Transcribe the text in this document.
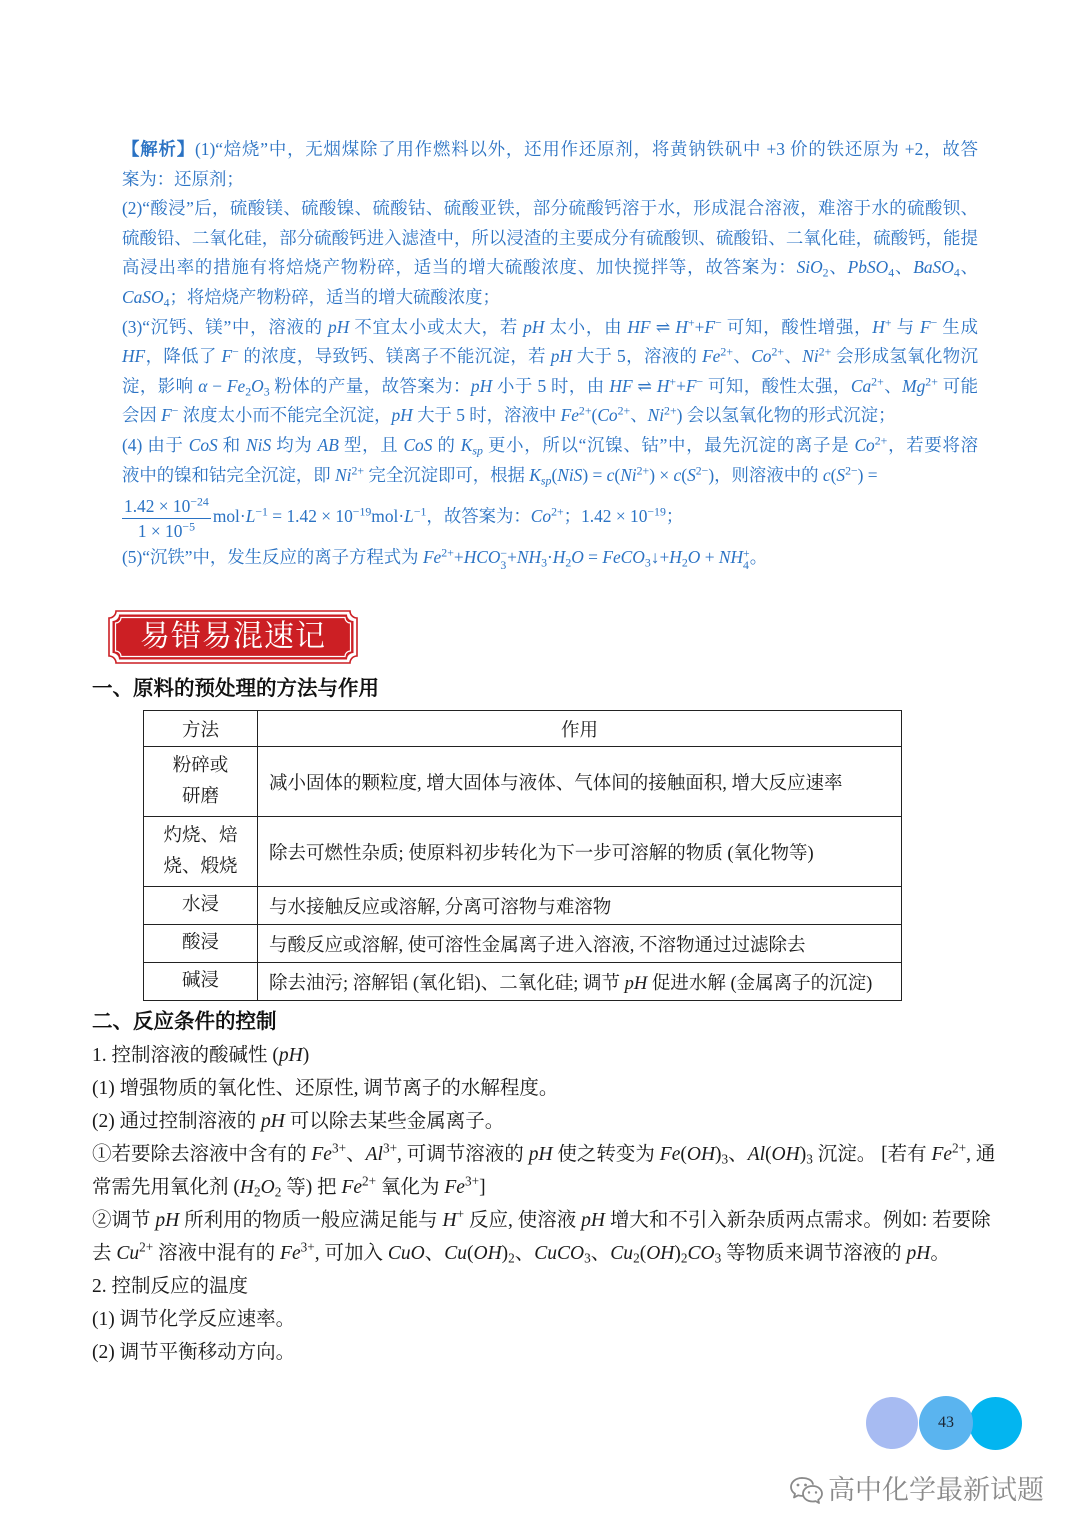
【解析】(1)“焙烧”中，无烟煤除了用作燃料以外，还用作还原剂，将黄钠铁矾中 +3 价的铁还原为 +2，故答
案为：还原剂；
(2)“酸浸”后，硫酸镁、硫酸镍、硫酸钴、硫酸亚铁，部分硫酸钙溶于水，形成混合溶液，难溶于水的硫酸钡、
硫酸铅、二氧化硅，部分硫酸钙进入滤渣中，所以浸渣的主要成分有硫酸钡、硫酸铅、二氧化硅，硫酸钙，能提
高浸出率的措施有将焙烧产物粉碎，适当的增大硫酸浓度、加快搅拌等，故答案为：SiO$_2$、PbSO$_4$、BaSO$_4$、
CaSO$_4$；将焙烧产物粉碎，适当的增大硫酸浓度；
(3)“沉钙、镁”中，溶液的 pH 不宜太小或太大，若 pH 太小，由 HF ⇌ H++F− 可知，酸性增强，H+ 与 F− 生成
HF，降低了 F− 的浓度，导致钙、镁离子不能沉淀，若 pH 大于 5，溶液的 $Fe^{2+}$、$Co^{2+}$、$Ni^{2+}$ 会形成氢氧化物沉
淀，影响 $\alpha - Fe_2O_3$ 粉体的产量，故答案为：pH 小于 5 时，由 HF ⇌ H++F− 可知，酸性太强，$Ca^{2+}$、$Mg^{2+}$ 可能
会因 F− 浓度太小而不能完全沉淀，pH 大于 5 时，溶液中 $Fe^{2+}(Co^{2+}$、$Ni^{2+}$) 会以氢氧化物的形式沉淀；
(4) 由于 CoS 和 NiS 均为 AB 型，且 CoS 的 $K_{sp}$ 更小，所以“沉镍、钴”中，最先沉淀的离子是 $Co^{2+}$，若要将溶
液中的镍和钴完全沉淀，即 $Ni^{2+}$ 完全沉淀即可，根据 $K_{sp}(NiS) = c(Ni^{2+}) \times c(S^{2-})$，则溶液中的 $c(S^{2-})$ =
$\frac{1.42 \times 10^{-24}}{1 \times 10^{-5}} mol\cdot L^{-1} = 1.42 \times 10^{-19}mol\cdot L^{-1}$，故答案为：$Co^{2+}$；$1.42 \times 10^{-19}$；
(5)“沉铁”中，发生反应的离子方程式为 $Fe^{2+}+HCO$ −
$3 +NH_3\cdot H_2O$ = $FeCO_3↓+H_2O$ + NH +
4 。
易错易混速记
一、原料的预处理的方法与作用
方法	作用

粉碎或
研磨	减小固体的颗粒度, 增大固体与液体、气体间的接触面积, 增大反应速率

灼烧、焙
烧、煅烧	除去可燃性杂质; 使原料初步转化为下一步可溶解的物质 (氧化物等)

水浸	与水接触反应或溶解, 分离可溶物与难溶物

酸浸	与酸反应或溶解, 使可溶性金属离子进入溶液, 不溶物通过过滤除去

碱浸	除去油污; 溶解铝 (氧化铝)、二氧化硅; 调节 pH 促进水解 (金属离子的沉淀)
二、反应条件的控制
1. 控制溶液的酸碱性 (pH)
(1) 增强物质的氧化性、还原性, 调节离子的水解程度。
(2) 通过控制溶液的 pH 可以除去某些金属离子。
①若要除去溶液中含有的 $Fe^{3+}$、$Al^{3+}$, 可调节溶液的 pH 使之转变为 $Fe(OH)_3$、$Al(OH)_3$ 沉淀。 [若有 $Fe^{2+}$, 通
常需先用氧化剂 ($H_2O_2$ 等) 把 $Fe^{2+}$ 氧化为 $Fe^{3+}$]
②调节 pH 所利用的物质一般应满足能与 H+ 反应, 使溶液 pH 增大和不引入新杂质两点需求。例如: 若要除
去 $Cu^{2+}$ 溶液中混有的 $Fe^{3+}$, 可加入 CuO、$Cu(OH)_2$、CuCO$_3$、$Cu_2(OH)_2CO_3$ 等物质来调节溶液的 pH。
2. 控制反应的温度
(1) 调节化学反应速率。
(2) 调节平衡移动方向。
43
高中化学最新试题
